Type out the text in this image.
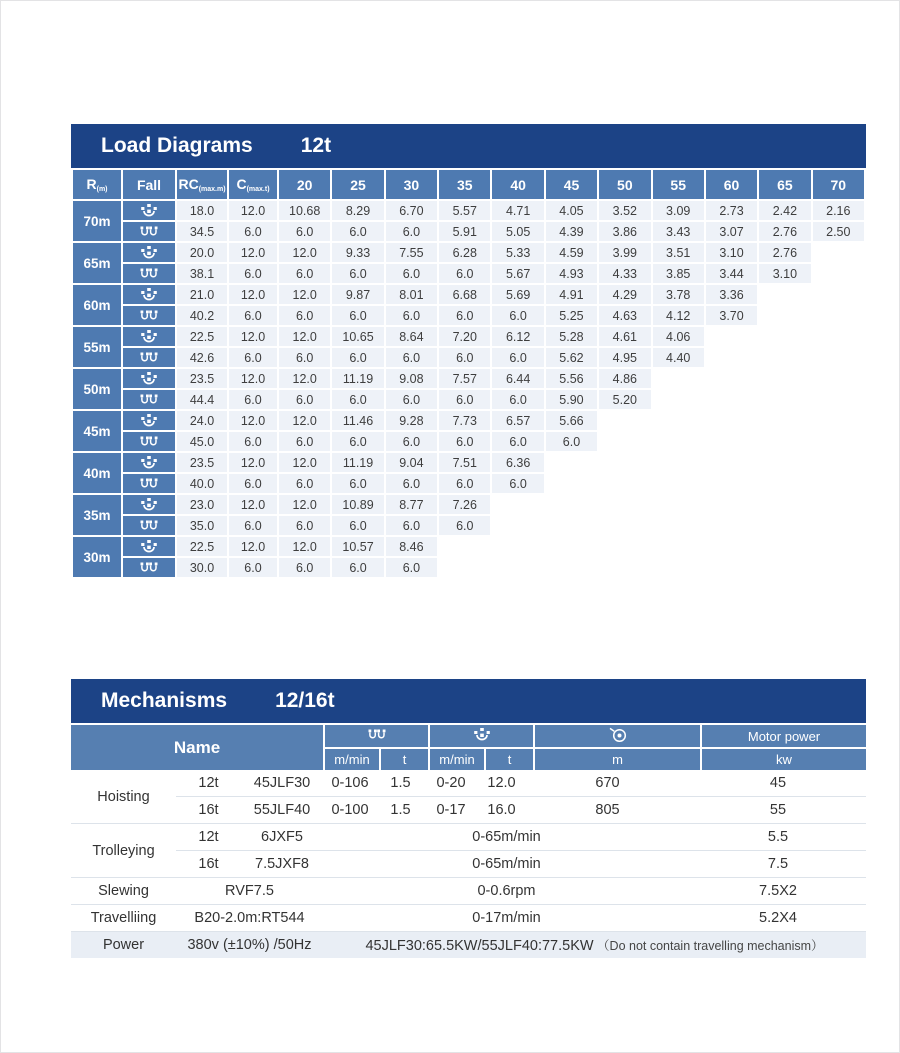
Load Diagrams 12t
$R_{(m)}$	Fall	$RC_{(max.m)}$	$C_{(max.t)}$	20	25	30	35	40	45	50	55	60	65	70
70m		18.0	12.0	10.68	8.29	6.70	5.57	4.71	4.05	3.52	3.09	2.73	2.42	2.16

	34.5	6.0	6.0	6.0	6.0	5.91	5.05	4.39	3.86	3.43	3.07	2.76	2.50
65m		20.0	12.0	12.0	9.33	7.55	6.28	5.33	4.59	3.99	3.51	3.10	2.76	

	38.1	6.0	6.0	6.0	6.0	6.0	5.67	4.93	4.33	3.85	3.44	3.10	
60m		21.0	12.0	12.0	9.87	8.01	6.68	5.69	4.91	4.29	3.78	3.36		

	40.2	6.0	6.0	6.0	6.0	6.0	6.0	5.25	4.63	4.12	3.70		
55m		22.5	12.0	12.0	10.65	8.64	7.20	6.12	5.28	4.61	4.06			

	42.6	6.0	6.0	6.0	6.0	6.0	6.0	5.62	4.95	4.40			
50m		23.5	12.0	12.0	11.19	9.08	7.57	6.44	5.56	4.86				

	44.4	6.0	6.0	6.0	6.0	6.0	6.0	5.90	5.20				
45m		24.0	12.0	12.0	11.46	9.28	7.73	6.57	5.66					

	45.0	6.0	6.0	6.0	6.0	6.0	6.0	6.0					
40m		23.5	12.0	12.0	11.19	9.04	7.51	6.36						

	40.0	6.0	6.0	6.0	6.0	6.0	6.0						
35m		23.0	12.0	12.0	10.89	8.77	7.26							

	35.0	6.0	6.0	6.0	6.0	6.0							
30m		22.5	12.0	12.0	10.57	8.46								

	30.0	6.0	6.0	6.0	6.0								
Mechanisms 12/16t
Name
Motor power
m/min	t	m/min	t	m	kw
Hoisting	12t	45JLF30	0-106	1.5	0-20	12.0	670	45
	16t	55JLF40	0-100	1.5	0-17	16.0	805	55
Trolleying	12t	6JXF5	0-65m/min					5.5
	16t	7.5JXF8	0-65m/min					7.5
Slewing	RVF7.5		0-0.6rpm					7.5X2
Travelliing	B20-2.0m:RT544		0-17m/min					5.2X4
Power	380v (±10%) /50Hz		45JLF30:65.5KW/55JLF40:77.5KW （Do not contain travelling mechanism）					
